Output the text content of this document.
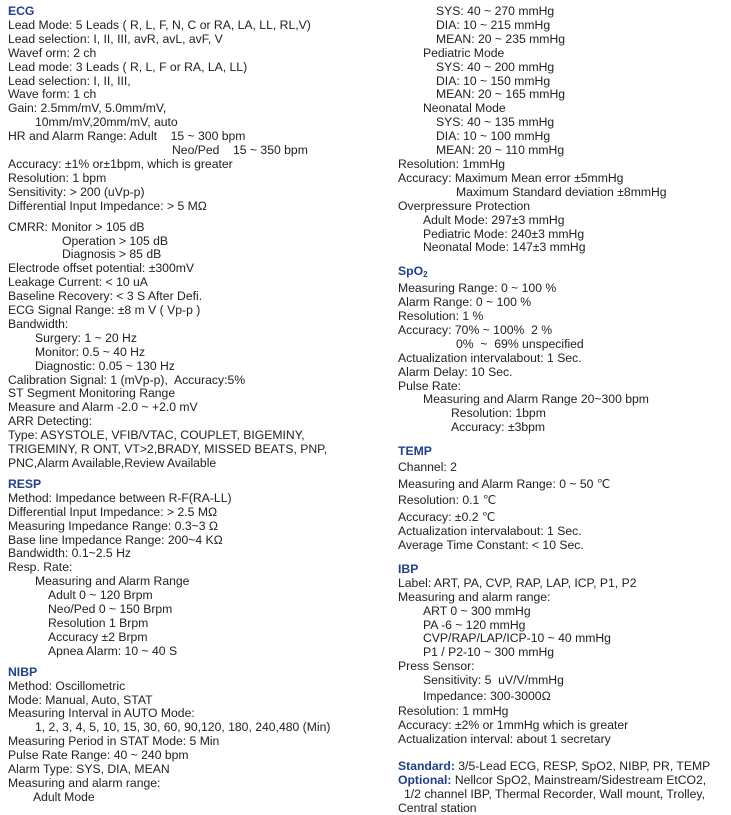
ECG
Lead Mode: 5 Leads ( R, L, F, N, C or RA, LA, LL, RL,V)
Lead selection: I, II, III, avR, avL, avF, V
Wavef orm: 2 ch
Lead mode: 3 Leads ( R, L, F or RA, LA, LL)
Lead selection: I, II, III,
Wave form: 1 ch
Gain: 2.5mm/mV, 5.0mm/mV,
10mm/mV,20mm/mV, auto
HR and Alarm Range: Adult    15 ~ 300 bpm
Neo/Ped    15 ~ 350 bpm
Accuracy: ±1% or±1bpm, which is greater
Resolution: 1 bpm
Sensitivity: > 200 (uVp-p)
Differential Input Impedance: > 5 MΩ
CMRR: Monitor > 105 dB
Operation > 105 dB
Diagnosis > 85 dB
Electrode offset potential: ±300mV
Leakage Current: < 10 uA
Baseline Recovery: < 3 S After Defi.
ECG Signal Range: ±8 m V ( Vp-p )
Bandwidth:
Surgery: 1 ~ 20 Hz
Monitor: 0.5 ~ 40 Hz
Diagnostic: 0.05 ~ 130 Hz
Calibration Signal: 1 (mVp-p),  Accuracy:5%
ST Segment Monitoring Range
Measure and Alarm -2.0 ~ +2.0 mV
ARR Detecting:
Type: ASYSTOLE, VFIB/VTAC, COUPLET, BIGEMINY,
TRIGEMINY, R ONT, VT>2,BRADY, MISSED BEATS, PNP,
PNC,Alarm Available,Review Available
RESP
Method: Impedance between R-F(RA-LL)
Differential Input Impedance: > 2.5 MΩ
Measuring Impedance Range: 0.3~3 Ω
Base line Impedance Range: 200~4 KΩ
Bandwidth: 0.1~2.5 Hz
Resp. Rate:
Measuring and Alarm Range
Adult 0 ~ 120 Brpm
Neo/Ped 0 ~ 150 Brpm
Resolution 1 Brpm
Accuracy ±2 Brpm
Apnea Alarm: 10 ~ 40 S
NIBP
Method: Oscillometric
Mode: Manual, Auto, STAT
Measuring Interval in AUTO Mode:
1, 2, 3, 4, 5, 10, 15, 30, 60, 90,120, 180, 240,480 (Min)
Measuring Period in STAT Mode: 5 Min
Pulse Rate Range: 40 ~ 240 bpm
Alarm Type: SYS, DIA, MEAN
Measuring and alarm range:
Adult Mode
SYS: 40 ~ 270 mmHg
DIA: 10 ~ 215 mmHg
MEAN: 20 ~ 235 mmHg
Pediatric Mode
SYS: 40 ~ 200 mmHg
DIA: 10 ~ 150 mmHg
MEAN: 20 ~ 165 mmHg
Neonatal Mode
SYS: 40 ~ 135 mmHg
DIA: 10 ~ 100 mmHg
MEAN: 20 ~ 110 mmHg
Resolution: 1mmHg
Accuracy: Maximum Mean error ±5mmHg
Maximum Standard deviation ±8mmHg
Overpressure Protection
Adult Mode: 297±3 mmHg
Pediatric Mode: 240±3 mmHg
Neonatal Mode: 147±3 mmHg
SpO$_2$
Measuring Range: 0 ~ 100 %
Alarm Range: 0 ~ 100 %
Resolution: 1 %
Accuracy: 70% ~ 100%  2 %
0%  ~  69% unspecified
Actualization intervalabout: 1 Sec.
Alarm Delay: 10 Sec.
Pulse Rate:
Measuring and Alarm Range 20~300 bpm
Resolution: 1bpm
Accuracy: ±3bpm
TEMP
Channel: 2
Measuring and Alarm Range: 0 ~ 50 ℃
Resolution: 0.1 ℃
Accuracy: ±0.2 ℃
Actualization intervalabout: 1 Sec.
Average Time Constant: < 10 Sec.
IBP
Label: ART, PA, CVP, RAP, LAP, ICP, P1, P2
Measuring and alarm range:
ART 0 ~ 300 mmHg
PA -6 ~ 120 mmHg
CVP/RAP/LAP/ICP-10 ~ 40 mmHg
P1 / P2-10 ~ 300 mmHg
Press Sensor:
Sensitivity: 5  uV/V/mmHg
Impedance: 300-3000Ω
Resolution: 1 mmHg
Accuracy: ±2% or 1mmHg which is greater
Actualization interval: about 1 secretary
Standard: 3/5-Lead ECG, RESP, SpO2, NIBP, PR, TEMP
Optional: Nellcor SpO2, Mainstream/Sidestream EtCO2,
1/2 channel IBP, Thermal Recorder, Wall mount, Trolley,
Central station
